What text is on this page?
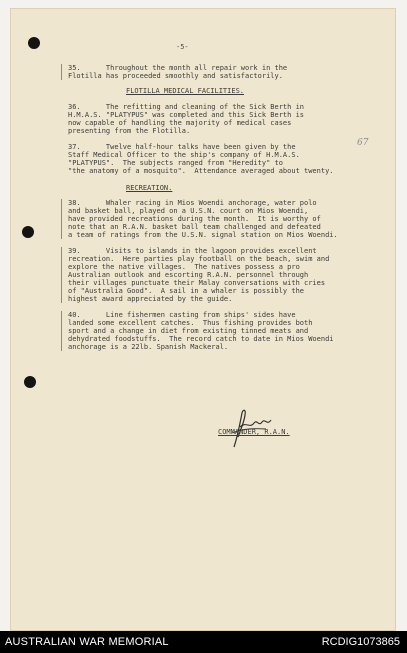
-5-
35.      Throughout the month all repair work in the
Flotilla has proceeded smoothly and satisfactorily.
FLOTILLA MEDICAL FACILITIES.
36.      The refitting and cleaning of the Sick Berth in
H.M.A.S. "PLATYPUS" was completed and this Sick Berth is
now capable of handling the majority of medical cases
presenting from the Flotilla.
37.      Twelve half-hour talks have been given by the
Staff Medical Officer to the ship's company of H.M.A.S.
"PLATYPUS".  The subjects ranged from "Heredity" to
"the anatomy of a mosquito".  Attendance averaged about twenty.
67
RECREATION.
38.      Whaler racing in Mios Woendi anchorage, water polo
and basket ball, played on a U.S.N. court on Mios Woendi,
have provided recreations during the month.  It is worthy of
note that an R.A.N. basket ball team challenged and defeated
a team of ratings from the U.S.N. signal station on Mios Woendi.
39.      Visits to islands in the lagoon provides excellent
recreation.  Here parties play football on the beach, swim and
explore the native villages.  The natives possess a pro
Australian outlook and escorting R.A.N. personnel through
their villages punctuate their Malay conversations with cries
of "Australia Good".  A sail in a whaler is possibly the
highest award appreciated by the guide.
40.      Line fishermen casting from ships' sides have
landed some excellent catches.  Thus fishing provides both
sport and a change in diet from existing tinned meats and
dehydrated foodstuffs.  The record catch to date in Mios Woendi
anchorage is a 22lb. Spanish Mackeral.
COMMANDER, R.A.N.
AUSTRALIAN WAR MEMORIAL	RCDIG1073865
